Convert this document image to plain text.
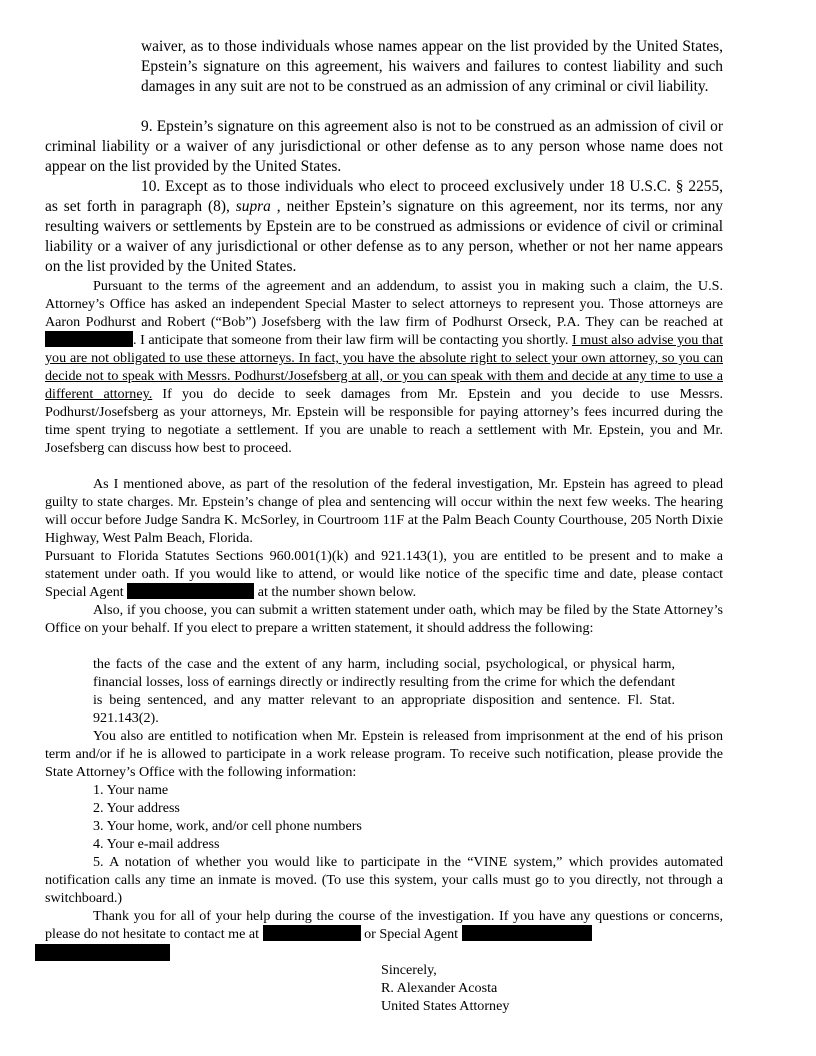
waiver, as to those individuals whose names appear on the list provided by the United States, Epstein’s signature on this agreement, his waivers and failures to contest liability and such damages in any suit are not to be construed as an admission of any criminal or civil liability.

9. Epstein’s signature on this agreement also is not to be construed as an admission of civil or criminal liability or a waiver of any jurisdictional or other defense as to any person whose name does not appear on the list provided by the United States.

10. Except as to those individuals who elect to proceed exclusively under 18 U.S.C. § 2255, as set forth in paragraph (8), supra , neither Epstein’s signature on this agreement, nor its terms, nor any resulting waivers or settlements by Epstein are to be construed as admissions or evidence of civil or criminal liability or a waiver of any jurisdictional or other defense as to any person, whether or not her name appears on the list provided by the United States.

Pursuant to the terms of the agreement and an addendum, to assist you in making such a claim, the U.S. Attorney’s Office has asked an independent Special Master to select attorneys to represent you. Those attorneys are Aaron Podhurst and Robert (“Bob”) Josefsberg with the law firm of Podhurst Orseck, P.A. They can be reached at . I anticipate that someone from their law firm will be contacting you shortly. I must also advise you that you are not obligated to use these attorneys. In fact, you have the absolute right to select your own attorney, so you can decide not to speak with Messrs. Podhurst/Josefsberg at all, or you can speak with them and decide at any time to use a different attorney. If you do decide to seek damages from Mr. Epstein and you decide to use Messrs. Podhurst/Josefsberg as your attorneys, Mr. Epstein will be responsible for paying attorney’s fees incurred during the time spent trying to negotiate a settlement. If you are unable to reach a settlement with Mr. Epstein, you and Mr. Josefsberg can discuss how best to proceed.

As I mentioned above, as part of the resolution of the federal investigation, Mr. Epstein has agreed to plead guilty to state charges. Mr. Epstein’s change of plea and sentencing will occur within the next few weeks. The hearing will occur before Judge Sandra K. McSorley, in Courtroom 11F at the Palm Beach County Courthouse, 205 North Dixie Highway, West Palm Beach, Florida.

Pursuant to Florida Statutes Sections 960.001(1)(k) and 921.143(1), you are entitled to be present and to make a statement under oath. If you would like to attend, or would like notice of the specific time and date, please contact Special Agent	at the number shown below.

Also, if you choose, you can submit a written statement under oath, which may be filed by the State Attorney’s Office on your behalf. If you elect to prepare a written statement, it should address the following:

the facts of the case and the extent of any harm, including social, psychological, or physical harm, financial losses, loss of earnings directly or indirectly resulting from the crime for which the defendant is being sentenced, and any matter relevant to an appropriate disposition and sentence. Fl. Stat. 921.143(2).

You also are entitled to notification when Mr. Epstein is released from imprisonment at the end of his prison term and/or if he is allowed to participate in a work release program. To receive such notification, please provide the State Attorney’s Office with the following information:

1. Your name
2. Your address
3. Your home, work, and/or cell phone numbers
4. Your e-mail address

5. A notation of whether you would like to participate in the “VINE system,” which provides automated notification calls any time an inmate is moved. (To use this system, your calls must go to you directly, not through a switchboard.)

Thank you for all of your help during the course of the investigation. If you have any questions or concerns, please do not hesitate to contact me at	or Special Agent

Sincerely,
R. Alexander Acosta
United States Attorney
